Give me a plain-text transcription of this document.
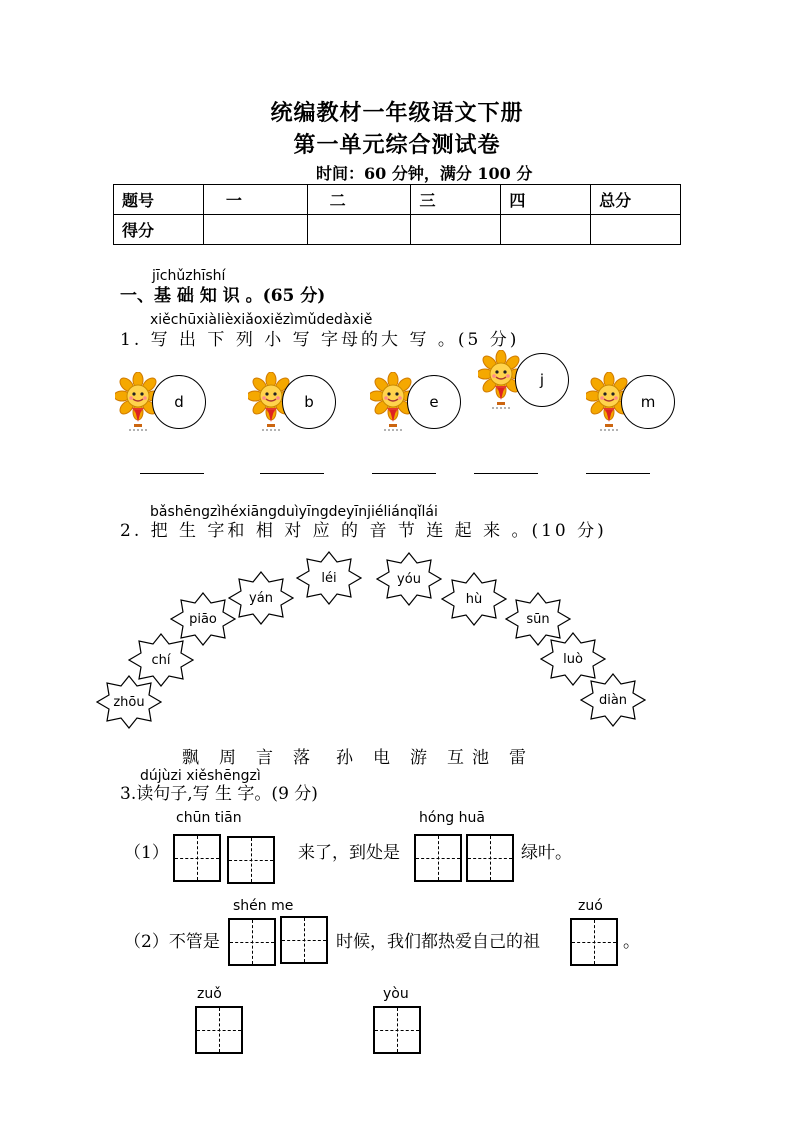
统编教材一年级语文下册
第一单元综合测试卷
时间：60 分钟，满分 100 分
题号	一	二	三	四	总分
得分					
jīchǔzhīshí
一、基 础 知 识 。(65 分)
xiěchūxiàlièxiǎoxiězìmǔdedàxiě
1. 写 出 下 列 小 写 字母的大 写 。(5 分)
d	b	e
j
m
bǎshēngzìhéxiāngduìyīngdeyīnjiéliánqǐlái
2. 把 生 字和 相 对 应 的 音 节 连 起 来 。(10 分)
zhōu
chí
piāo
yán
léi	yóu
hù
sūn
luò
diàn
飘 周 言 落 孙 电 游 互 池 雷
dújùzi xiěshēngzì
3.读句子,写 生 字。(9 分)
chūn tiān
（1）	来了，到处是
hóng huā
绿叶。
shén me
（2）不管是	时候，我们都热爱自己的祖
zuó
。
zuǒ	yòu
